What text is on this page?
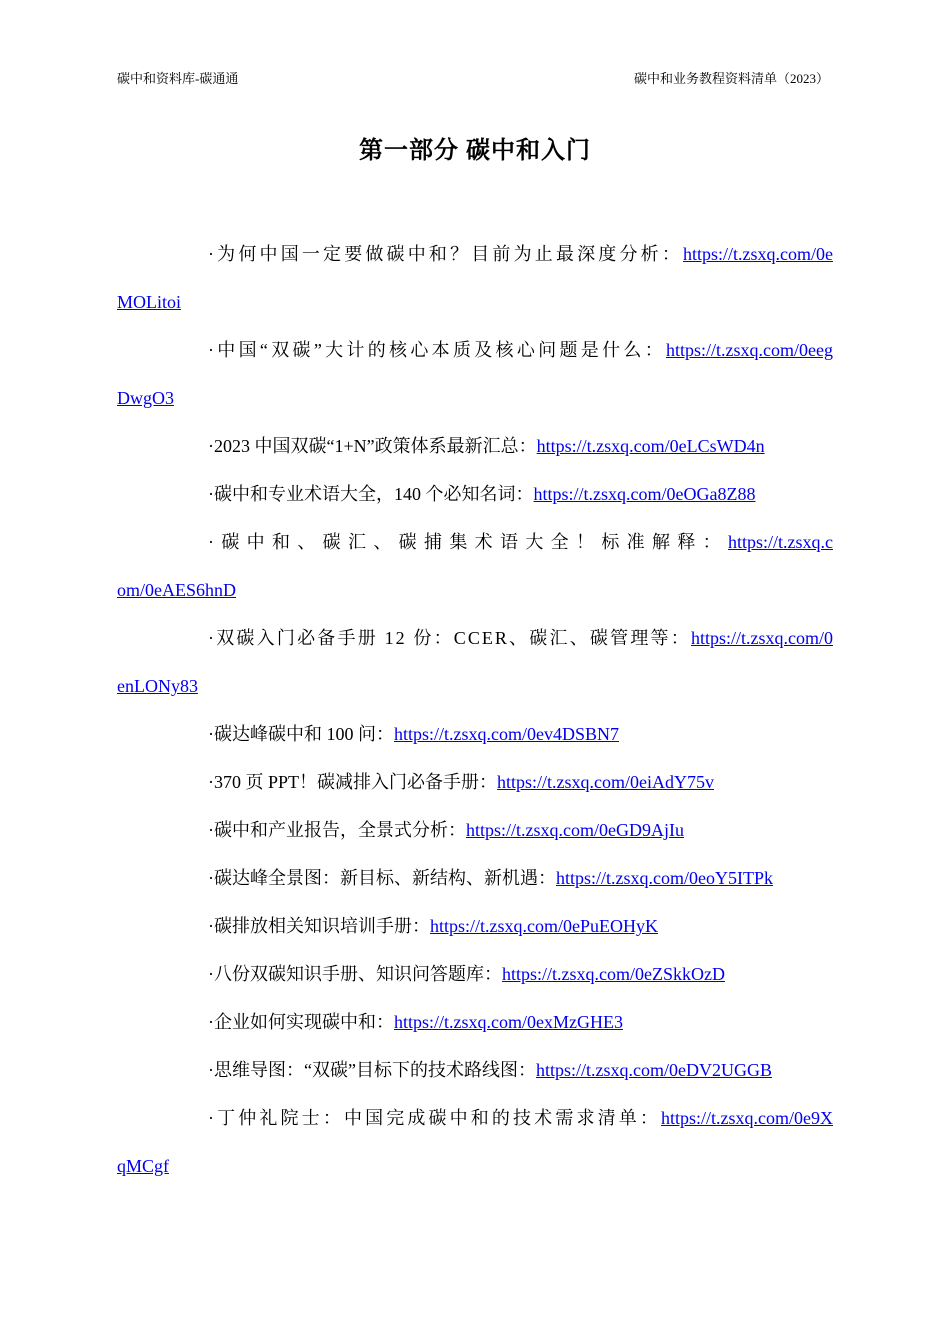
碳中和资料库-碳通通	碳中和业务教程资料清单（2023）
第一部分 碳中和入门

·为何中国一定要做碳中和？目前为止最深度分析：https://t.zsxq.com/0eMOLitoi

·中国“双碳”大计的核心本质及核心问题是什么：https://t.zsxq.com/0eegDwgO3

·2023 中国双碳“1+N”政策体系最新汇总：https://t.zsxq.com/0eLCsWD4n

·碳中和专业术语大全，140 个必知名词：https://t.zsxq.com/0eOGa8Z88

·碳中和、碳汇、碳捕集术语大全！标准解释：https://t.zsxq.com/0eAES6hnD

·双碳入门必备手册 12 份：CCER、碳汇、碳管理等：https://t.zsxq.com/0enLONy83

·碳达峰碳中和 100 问：https://t.zsxq.com/0ev4DSBN7

·370 页 PPT！碳减排入门必备手册：https://t.zsxq.com/0eiAdY75v

·碳中和产业报告，全景式分析：https://t.zsxq.com/0eGD9AjIu

·碳达峰全景图：新目标、新结构、新机遇：https://t.zsxq.com/0eoY5ITPk

·碳排放相关知识培训手册：https://t.zsxq.com/0ePuEOHyK

·八份双碳知识手册、知识问答题库：https://t.zsxq.com/0eZSkkOzD

·企业如何实现碳中和：https://t.zsxq.com/0exMzGHE3

·思维导图：“双碳”目标下的技术路线图：https://t.zsxq.com/0eDV2UGGB

·丁仲礼院士：中国完成碳中和的技术需求清单：https://t.zsxq.com/0e9XqMCgf
